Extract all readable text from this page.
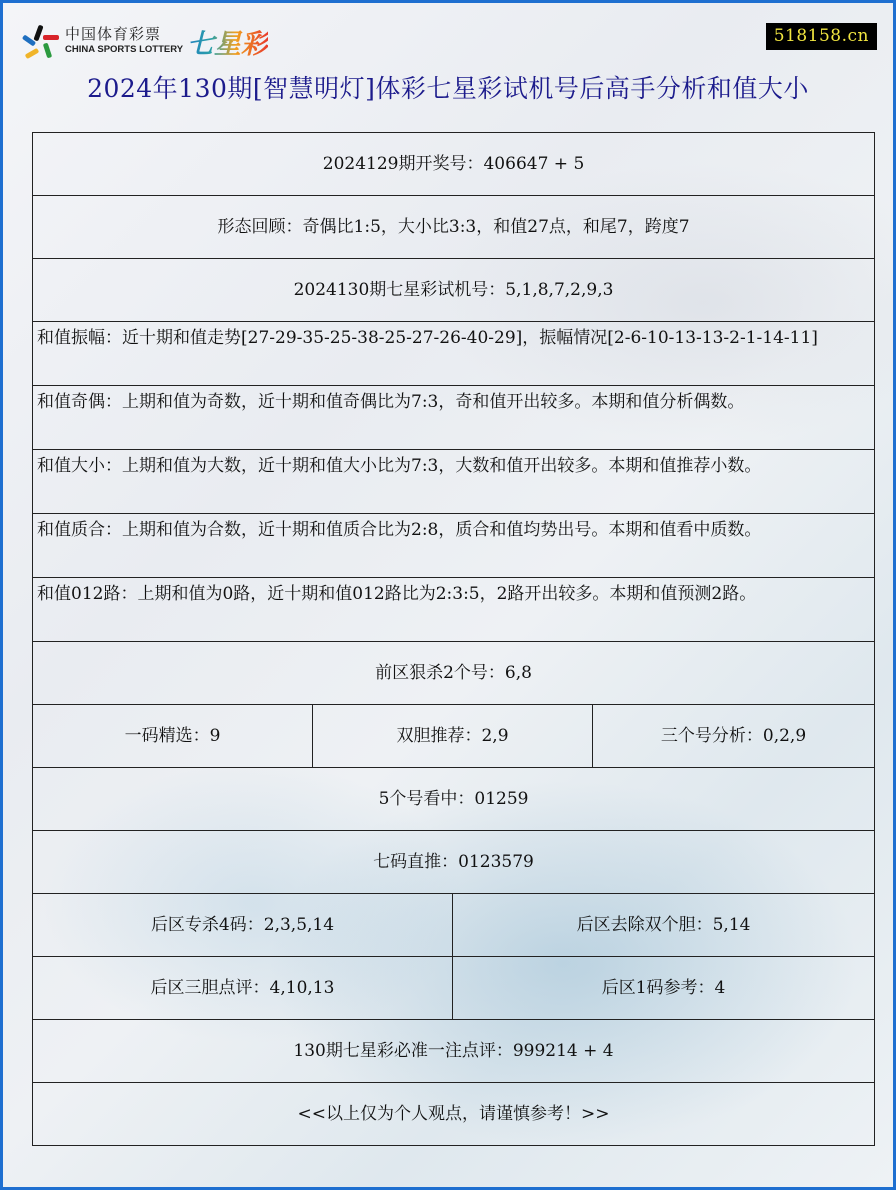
中国体育彩票
CHINA SPORTS LOTTERY 七星彩	518158.cn
2024年130期[智慧明灯]体彩七星彩试机号后高手分析和值大小
2024129期开奖号：406647 + 5			
形态回顾：奇偶比1:5，大小比3:3，和值27点，和尾7，跨度7			
2024130期七星彩试机号：5,1,8,7,2,9,3			
和值振幅：近十期和值走势[27-29-35-25-38-25-27-26-40-29]，振幅情况[2-6-10-13-13-2-1-14-11]			
和值奇偶：上期和值为奇数，近十期和值奇偶比为7:3，奇和值开出较多。本期和值分析偶数。			
和值大小：上期和值为大数，近十期和值大小比为7:3，大数和值开出较多。本期和值推荐小数。			
和值质合：上期和值为合数，近十期和值质合比为2:8，质合和值均势出号。本期和值看中质数。			
和值012路：上期和值为0路，近十期和值012路比为2:3:5，2路开出较多。本期和值预测2路。			
前区狠杀2个号：6,8			
一码精选：9	双胆推荐：2,9		三个号分析：0,2,9
5个号看中：01259			
七码直推：0123579			
后区专杀4码：2,3,5,14		后区去除双个胆：5,14	
后区三胆点评：4,10,13		后区1码参考：4	
130期七星彩必准一注点评：999214 + 4			
<<以上仅为个人观点，请谨慎参考！>>			
